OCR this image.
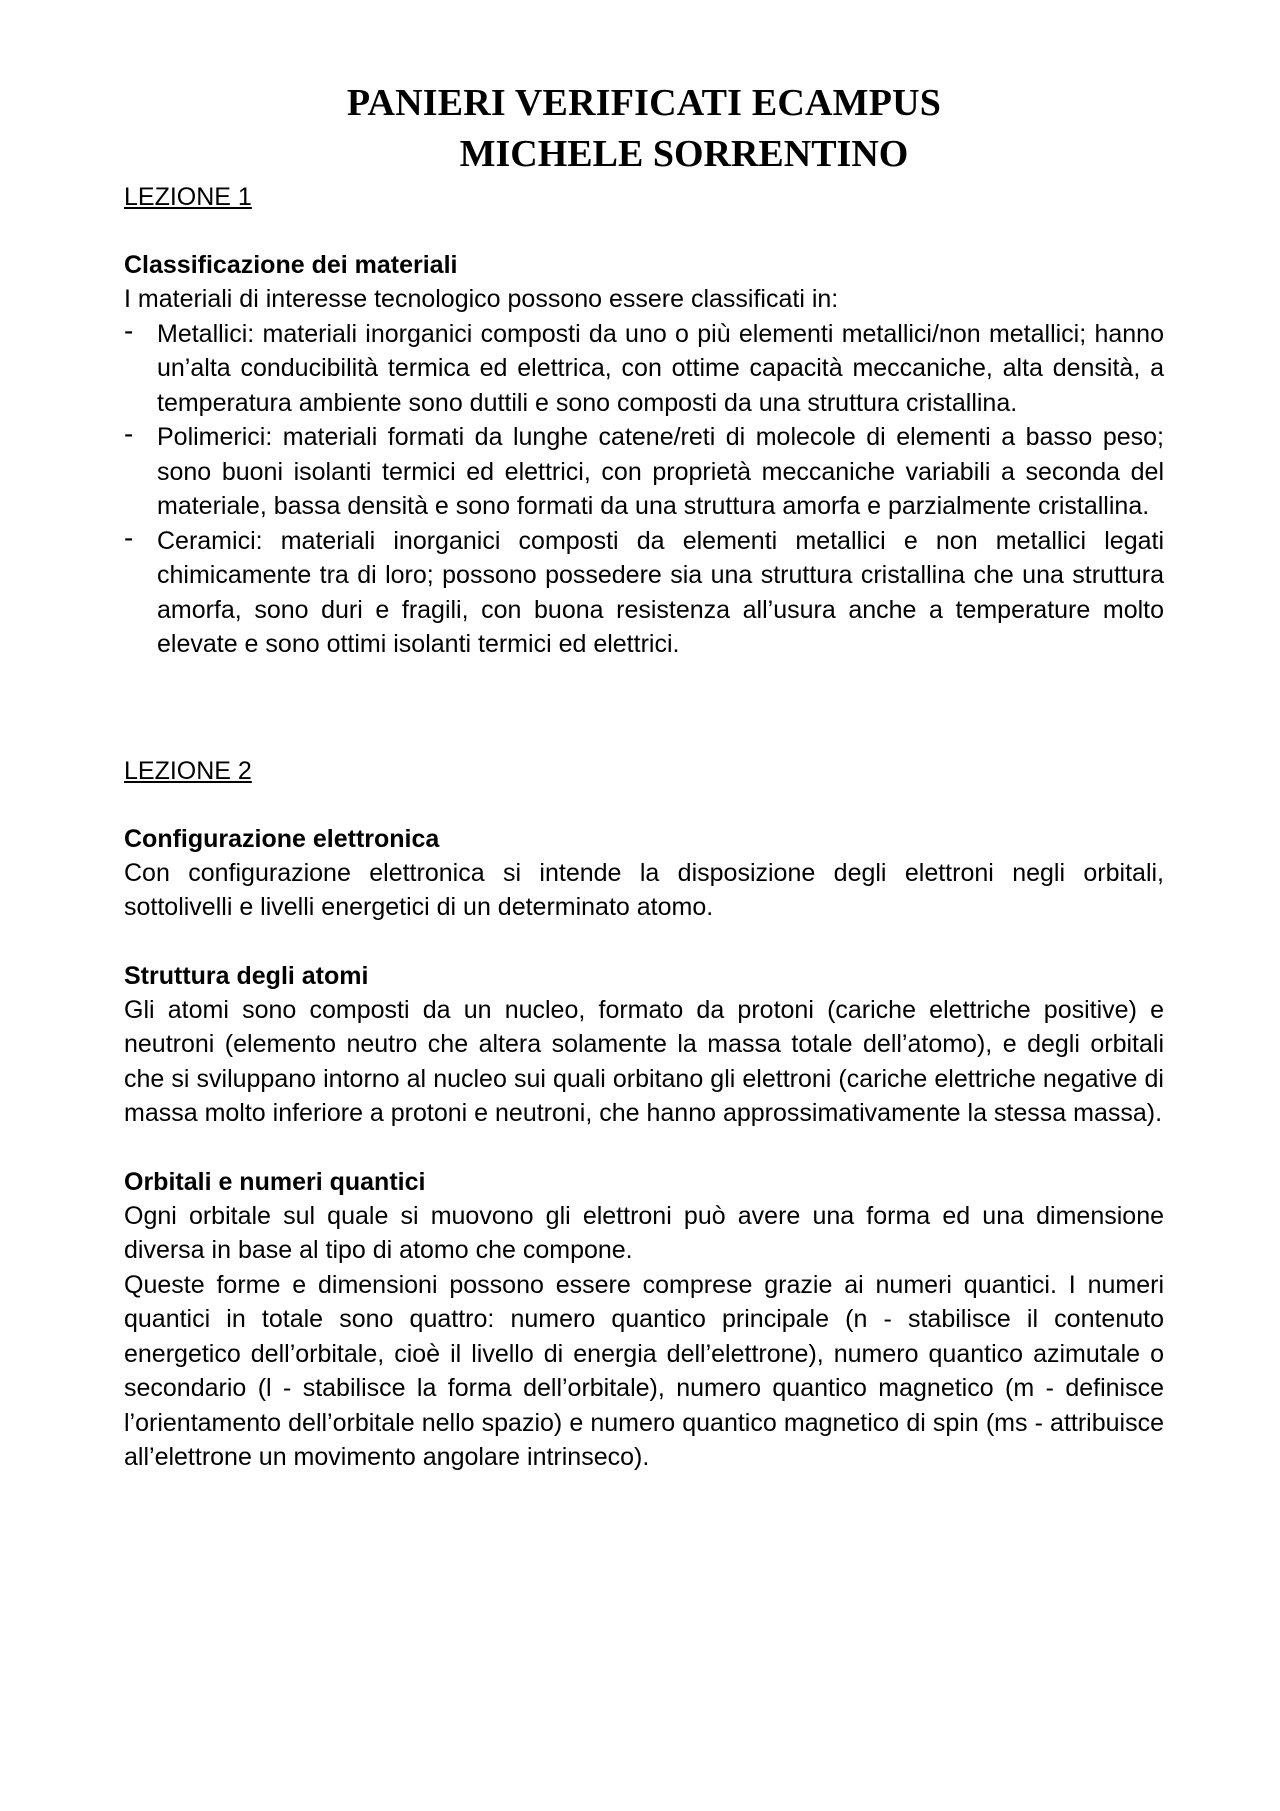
PANIERI VERIFICATI ECAMPUS
MICHELE SORRENTINO
LEZIONE 1
Classificazione dei materiali

I materiali di interesse tecnologico possono essere classificati in:

- Metallici: materiali inorganici composti da uno o più elementi metallici/non metallici; hanno un’alta conducibilità termica ed elettrica, con ottime capacità meccaniche, alta densità, a temperatura ambiente sono duttili e sono composti da una struttura cristallina.
- Polimerici: materiali formati da lunghe catene/reti di molecole di elementi a basso peso; sono buoni isolanti termici ed elettrici, con proprietà meccaniche variabili a seconda del materiale, bassa densità e sono formati da una struttura amorfa e parzialmente cristallina.
- Ceramici: materiali inorganici composti da elementi metallici e non metallici legati chimicamente tra di loro; possono possedere sia una struttura cristallina che una struttura amorfa, sono duri e fragili, con buona resistenza all’usura anche a temperature molto elevate e sono ottimi isolanti termici ed elettrici.
LEZIONE 2
Configurazione elettronica

Con configurazione elettronica si intende la disposizione degli elettroni negli orbitali, sottolivelli e livelli energetici di un determinato atomo.

Struttura degli atomi

Gli atomi sono composti da un nucleo, formato da protoni (cariche elettriche positive) e neutroni (elemento neutro che altera solamente la massa totale dell’atomo), e degli orbitali che si sviluppano intorno al nucleo sui quali orbitano gli elettroni (cariche elettriche negative di massa molto inferiore a protoni e neutroni, che hanno approssimativamente la stessa massa).

Orbitali e numeri quantici

Ogni orbitale sul quale si muovono gli elettroni può avere una forma ed una dimensione diversa in base al tipo di atomo che compone.

Queste forme e dimensioni possono essere comprese grazie ai numeri quantici. I numeri quantici in totale sono quattro: numero quantico principale (n - stabilisce il contenuto energetico dell’orbitale, cioè il livello di energia dell’elettrone), numero quantico azimutale o secondario (l - stabilisce la forma dell’orbitale), numero quantico magnetico (m - definisce l’orientamento dell’orbitale nello spazio) e numero quantico magnetico di spin (ms - attribuisce all’elettrone un movimento angolare intrinseco).
